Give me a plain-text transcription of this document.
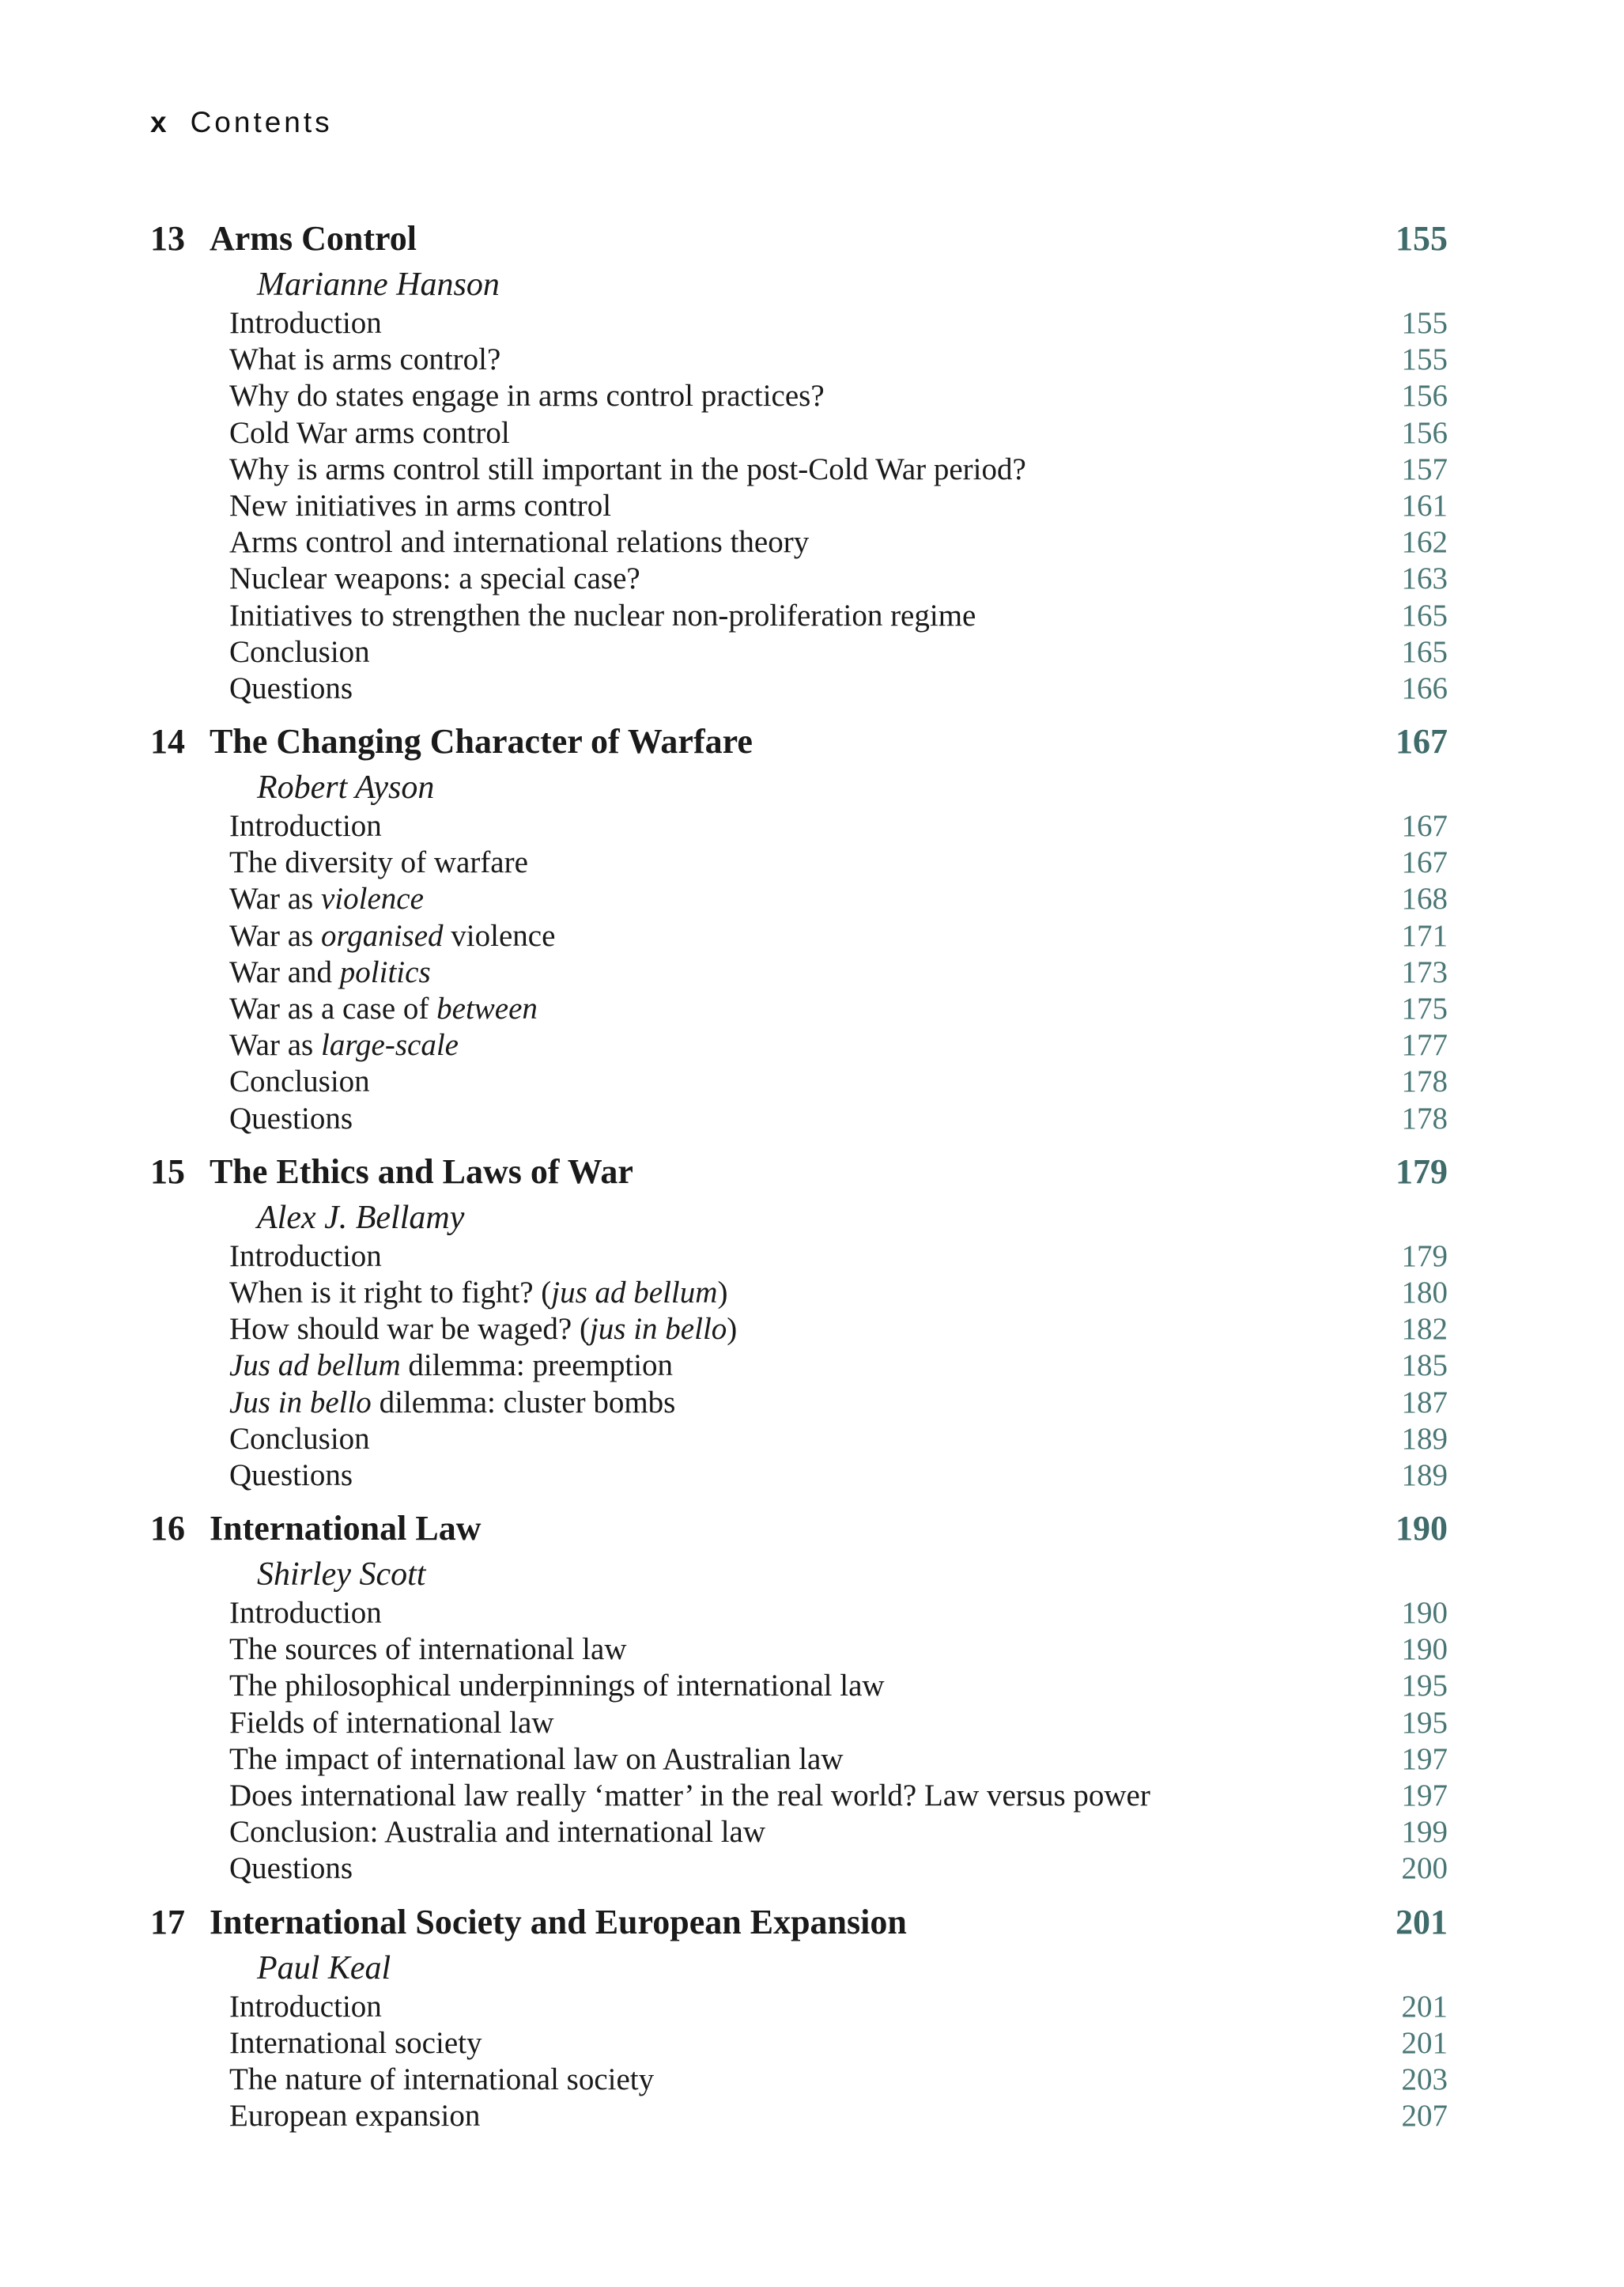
x Contents
13 Arms Control	155
Marianne Hanson
Introduction	155
What is arms control?	155
Why do states engage in arms control practices?	156
Cold War arms control	156
Why is arms control still important in the post-Cold War period?	157
New initiatives in arms control	161
Arms control and international relations theory	162
Nuclear weapons: a special case?	163
Initiatives to strengthen the nuclear non-proliferation regime	165
Conclusion	165
Questions	166
14 The Changing Character of Warfare	167
Robert Ayson
Introduction	167
The diversity of warfare	167
War as violence	168
War as organised violence	171
War and politics	173
War as a case of between	175
War as large-scale	177
Conclusion	178
Questions	178
15 The Ethics and Laws of War	179
Alex J. Bellamy
Introduction	179
When is it right to fight? (jus ad bellum)	180
How should war be waged? (jus in bello)	182
Jus ad bellum dilemma: preemption	185
Jus in bello dilemma: cluster bombs	187
Conclusion	189
Questions	189
16 International Law	190
Shirley Scott
Introduction	190
The sources of international law	190
The philosophical underpinnings of international law	195
Fields of international law	195
The impact of international law on Australian law	197
Does international law really ‘matter’ in the real world? Law versus power	197
Conclusion: Australia and international law	199
Questions	200
17 International Society and European Expansion	201
Paul Keal
Introduction	201
International society	201
The nature of international society	203
European expansion	207
